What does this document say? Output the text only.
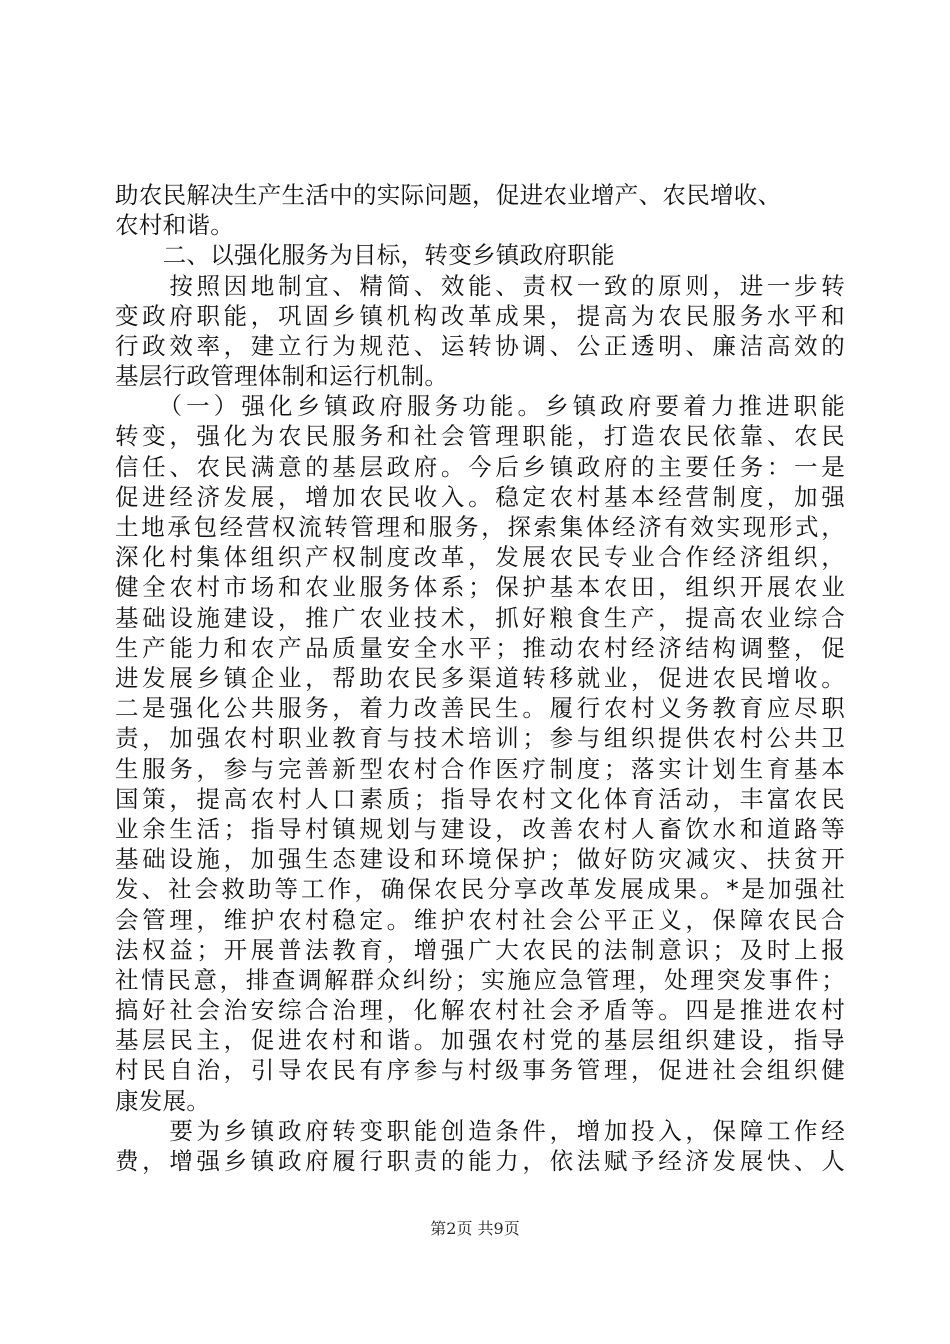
助农民解决生产生活中的实际问题，促进农业增产、农民增收、
农村和谐。
　　二、以强化服务为目标，转变乡镇政府职能
　　按照因地制宜、精简、效能、责权一致的原则，进一步转
变政府职能，巩固乡镇机构改革成果，提高为农民服务水平和
行政效率，建立行为规范、运转协调、公正透明、廉洁高效的
基层行政管理体制和运行机制。
　　（一）强化乡镇政府服务功能。乡镇政府要着力推进职能
转变，强化为农民服务和社会管理职能，打造农民依靠、农民
信任、农民满意的基层政府。今后乡镇政府的主要任务：一是
促进经济发展，增加农民收入。稳定农村基本经营制度，加强
土地承包经营权流转管理和服务，探索集体经济有效实现形式，
深化村集体组织产权制度改革，发展农民专业合作经济组织，
健全农村市场和农业服务体系；保护基本农田，组织开展农业
基础设施建设，推广农业技术，抓好粮食生产，提高农业综合
生产能力和农产品质量安全水平；推动农村经济结构调整，促
进发展乡镇企业，帮助农民多渠道转移就业，促进农民增收。
二是强化公共服务，着力改善民生。履行农村义务教育应尽职
责，加强农村职业教育与技术培训；参与组织提供农村公共卫
生服务，参与完善新型农村合作医疗制度；落实计划生育基本
国策，提高农村人口素质；指导农村文化体育活动，丰富农民
业余生活；指导村镇规划与建设，改善农村人畜饮水和道路等
基础设施，加强生态建设和环境保护；做好防灾减灾、扶贫开
发、社会救助等工作，确保农民分享改革发展成果。*是加强社
会管理，维护农村稳定。维护农村社会公平正义，保障农民合
法权益；开展普法教育，增强广大农民的法制意识；及时上报
社情民意，排查调解群众纠纷；实施应急管理，处理突发事件；
搞好社会治安综合治理，化解农村社会矛盾等。四是推进农村
基层民主，促进农村和谐。加强农村党的基层组织建设，指导
村民自治，引导农民有序参与村级事务管理，促进社会组织健
康发展。
　　要为乡镇政府转变职能创造条件，增加投入，保障工作经
费，增强乡镇政府履行职责的能力，依法赋予经济发展快、人
第2页 共9页
